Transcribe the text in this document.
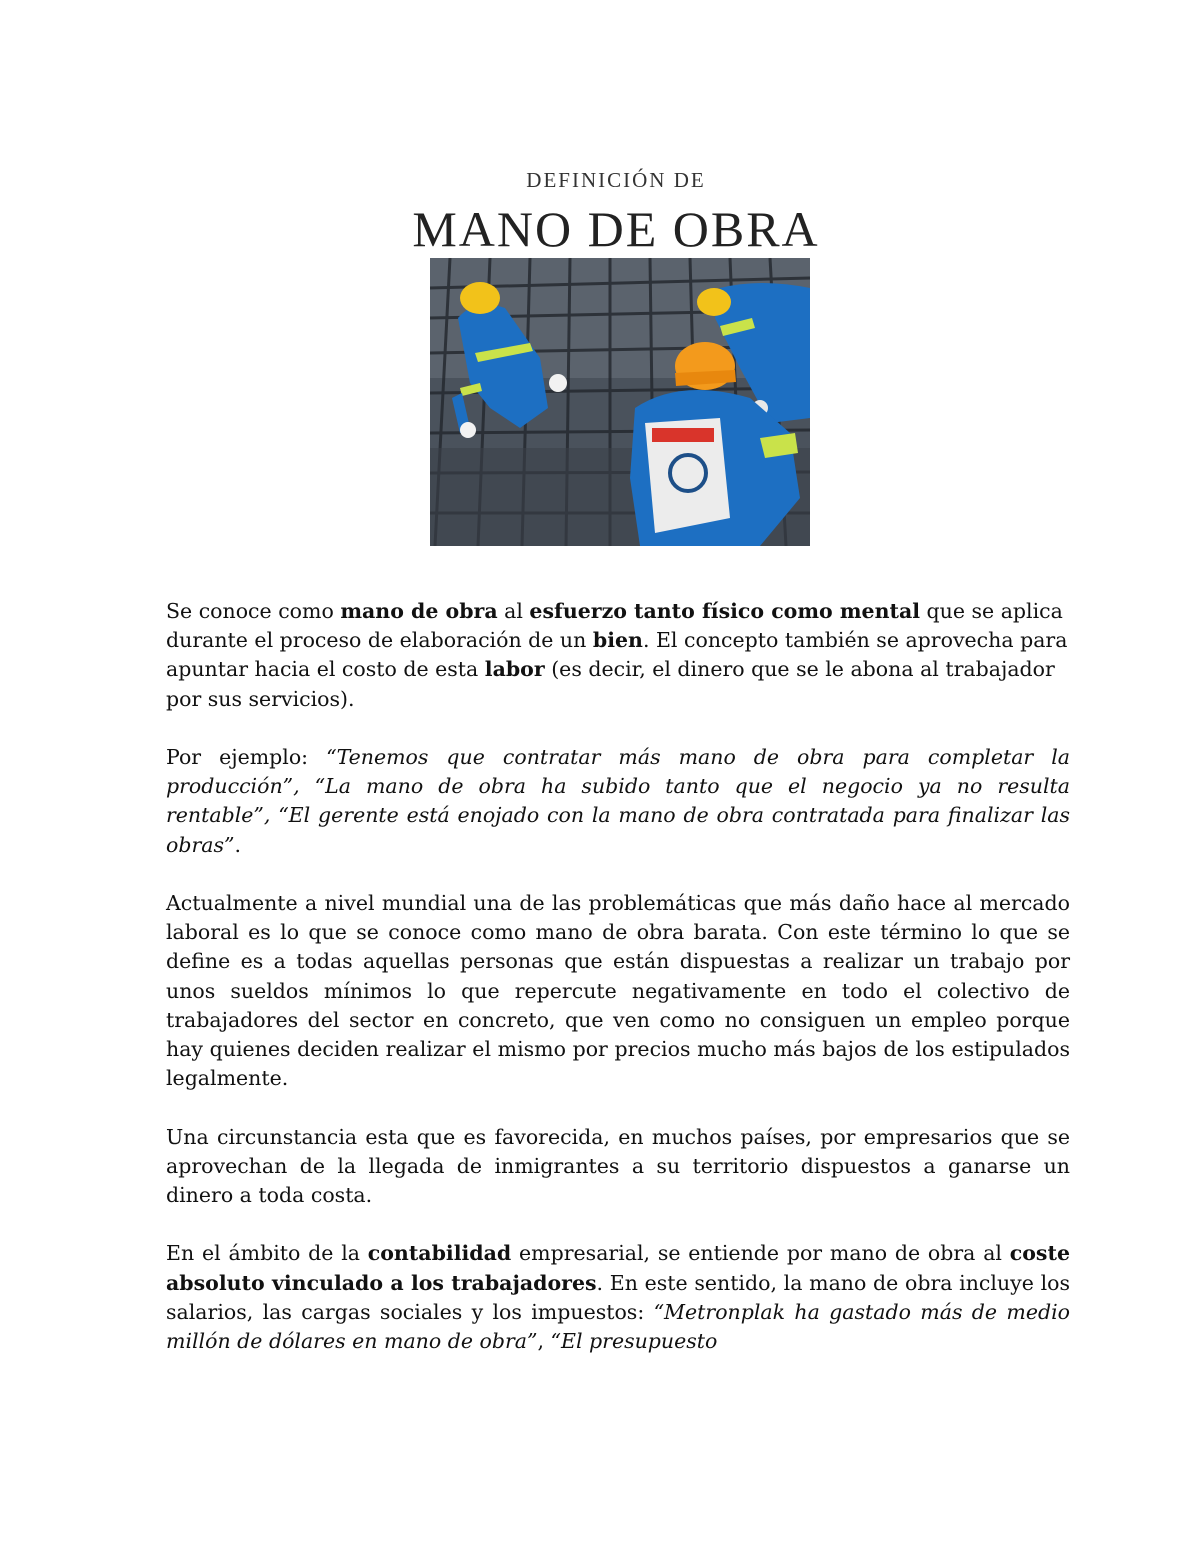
DEFINICIÓN DE
MANO DE OBRA

Se conoce como mano de obra al esfuerzo tanto físico como mental que se aplica durante el proceso de elaboración de un bien. El concepto también se aprovecha para apuntar hacia el costo de esta labor (es decir, el dinero que se le abona al trabajador por sus servicios).

Por ejemplo: “Tenemos que contratar más mano de obra para completar la producción”, “La mano de obra ha subido tanto que el negocio ya no resulta rentable”, “El gerente está enojado con la mano de obra contratada para finalizar las obras”.

Actualmente a nivel mundial una de las problemáticas que más daño hace al mercado laboral es lo que se conoce como mano de obra barata. Con este término lo que se define es a todas aquellas personas que están dispuestas a realizar un trabajo por unos sueldos mínimos lo que repercute negativamente en todo el colectivo de trabajadores del sector en concreto, que ven como no consiguen un empleo porque hay quienes deciden realizar el mismo por precios mucho más bajos de los estipulados legalmente.

Una circunstancia esta que es favorecida, en muchos países, por empresarios que se aprovechan de la llegada de inmigrantes a su territorio dispuestos a ganarse un dinero a toda costa.

En el ámbito de la contabilidad empresarial, se entiende por mano de obra al coste absoluto vinculado a los trabajadores. En este sentido, la mano de obra incluye los salarios, las cargas sociales y los impuestos: “Metronplak ha gastado más de medio millón de dólares en mano de obra”, “El presupuesto
